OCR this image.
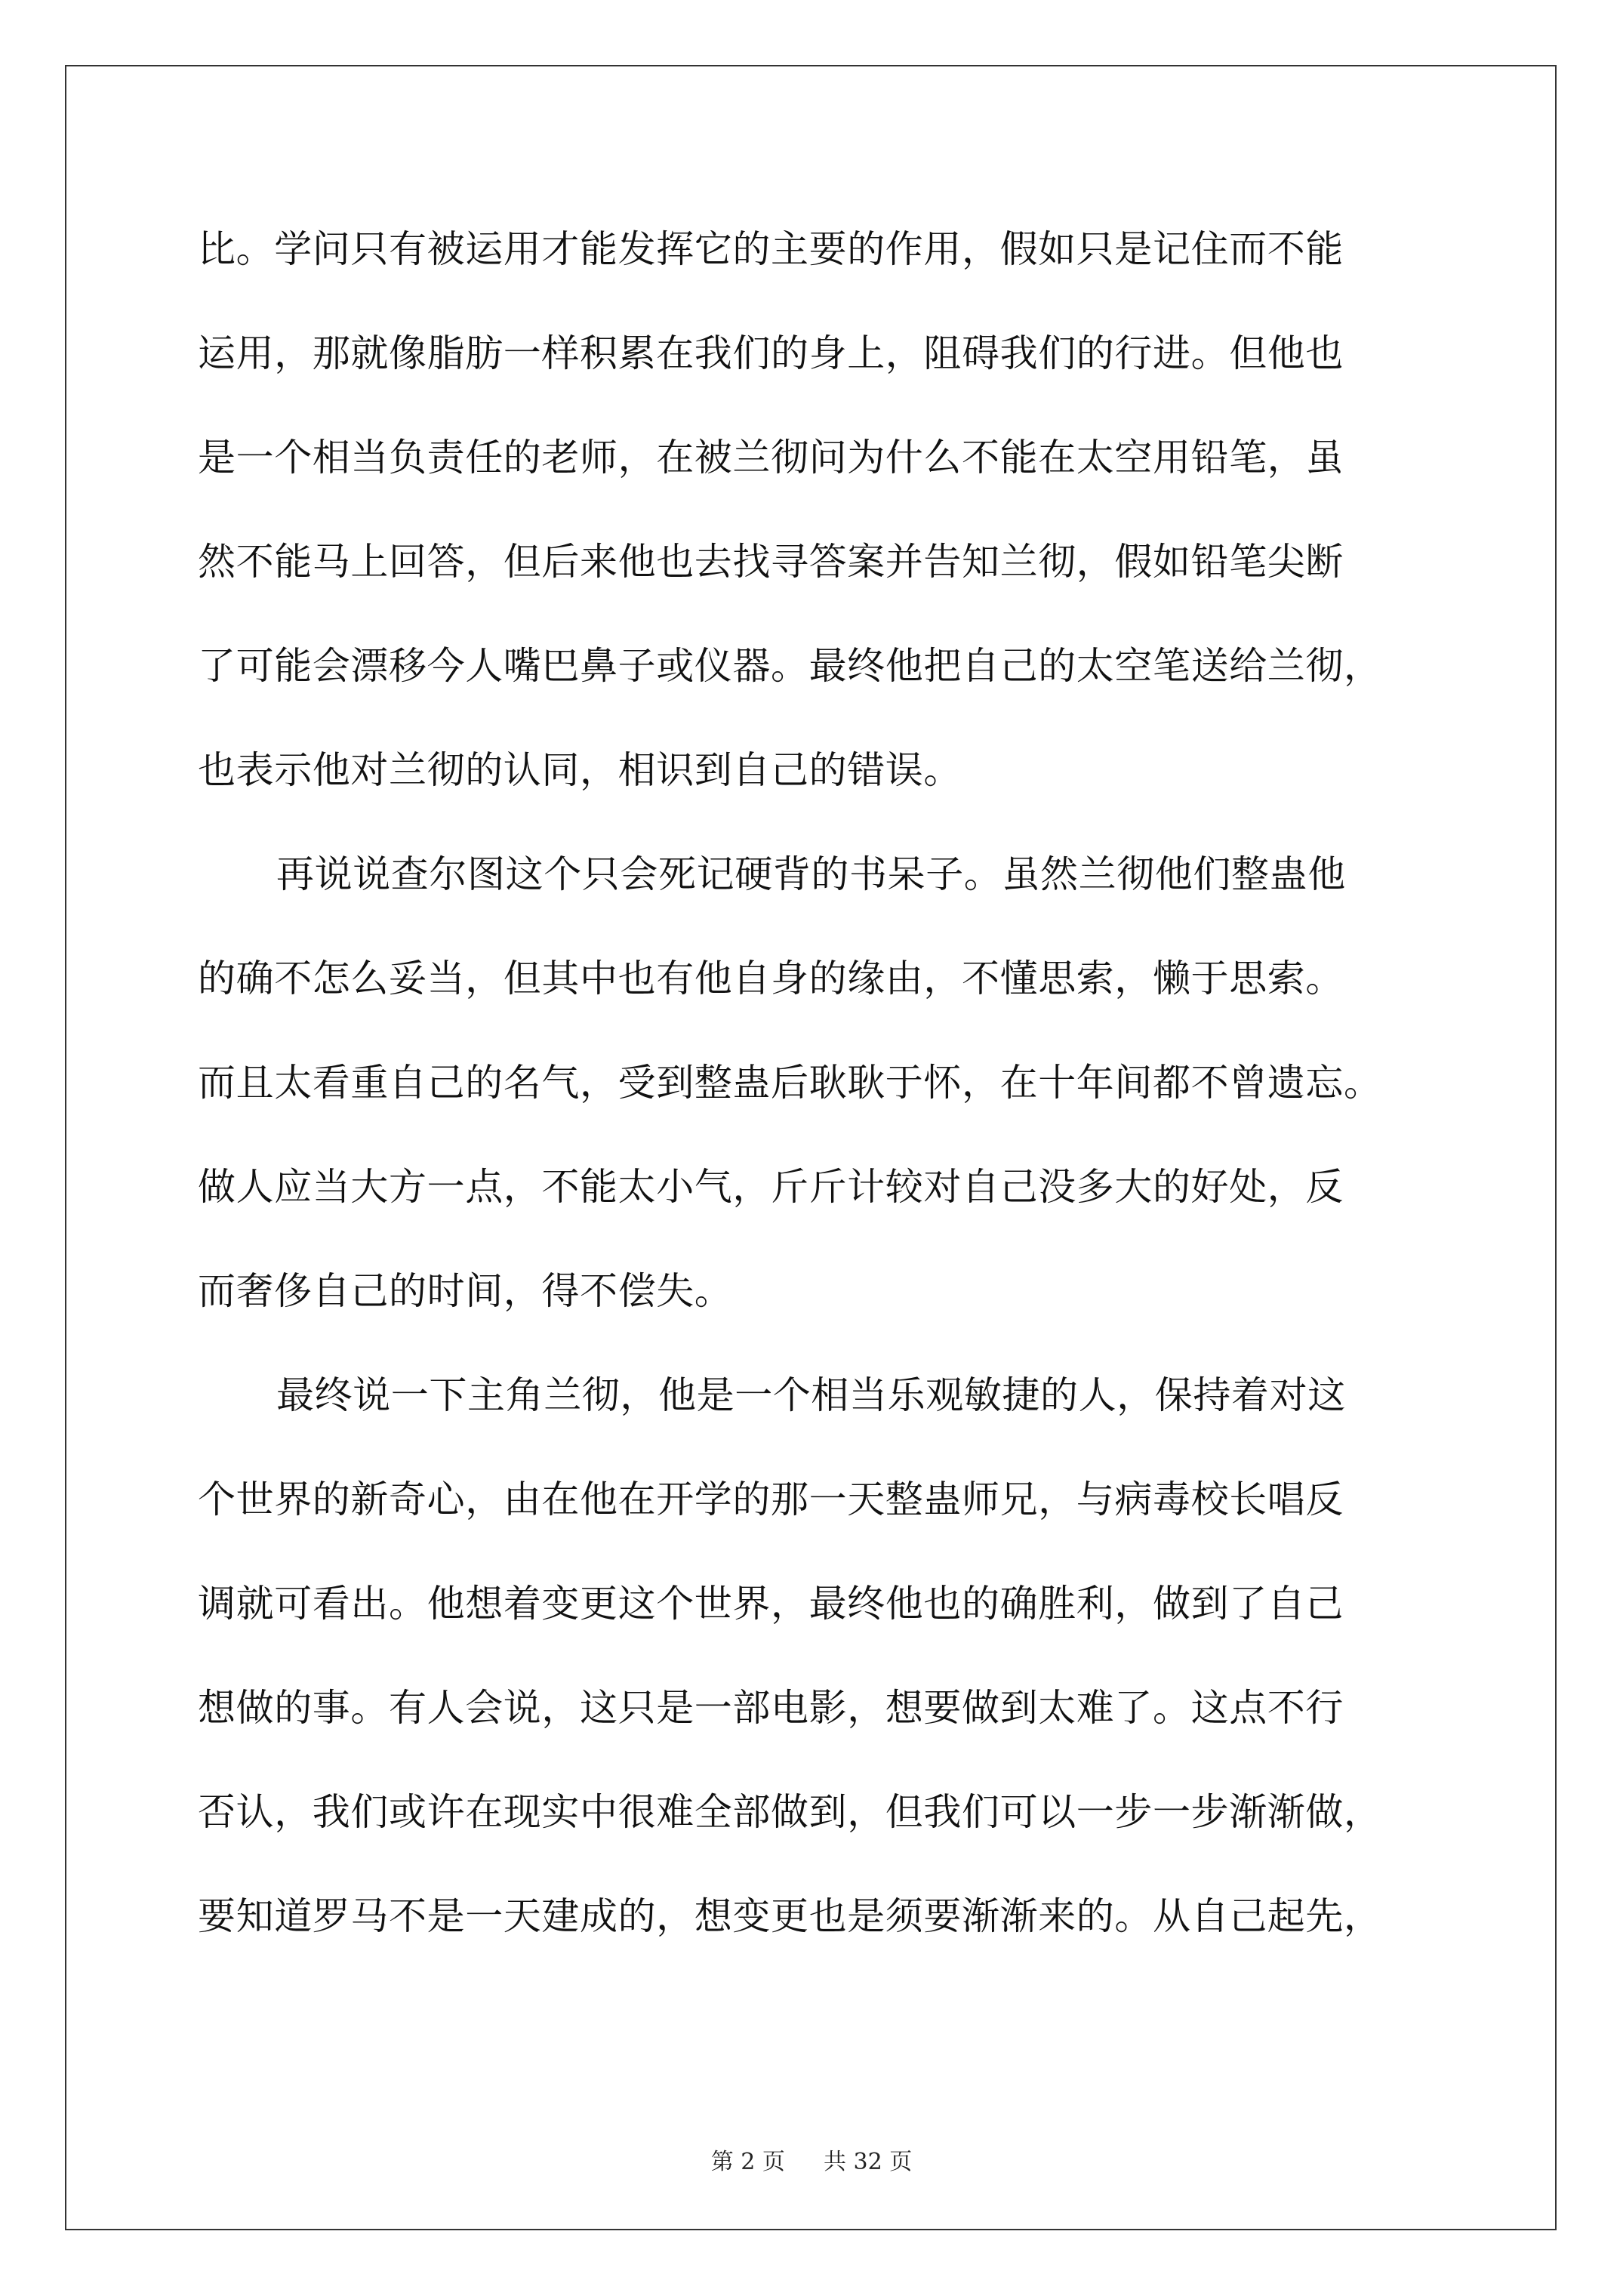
比。学问只有被运用才能发挥它的主要的作用，假如只是记住而不能
运用，那就像脂肪一样积累在我们的身上，阻碍我们的行进。但他也
是一个相当负责任的老师，在被兰彻问为什么不能在太空用铅笔，虽
然不能马上回答，但后来他也去找寻答案并告知兰彻，假如铅笔尖断
了可能会漂移今人嘴巴鼻子或仪器。最终他把自己的太空笔送给兰彻，
也表示他对兰彻的认同，相识到自己的错误。
再说说查尔图这个只会死记硬背的书呆子。虽然兰彻他们整蛊他
的确不怎么妥当，但其中也有他自身的缘由，不懂思索，懒于思索。
而且太看重自己的名气，受到整蛊后耿耿于怀，在十年间都不曾遗忘。
做人应当大方一点，不能太小气，斤斤计较对自己没多大的好处，反
而奢侈自己的时间，得不偿失。
最终说一下主角兰彻，他是一个相当乐观敏捷的人，保持着对这
个世界的新奇心，由在他在开学的那一天整蛊师兄，与病毒校长唱反
调就可看出。他想着变更这个世界，最终他也的确胜利，做到了自己
想做的事。有人会说，这只是一部电影，想要做到太难了。这点不行
否认，我们或许在现实中很难全部做到，但我们可以一步一步渐渐做，
要知道罗马不是一天建成的，想变更也是须要渐渐来的。从自己起先，
第 2 页 共 32 页
